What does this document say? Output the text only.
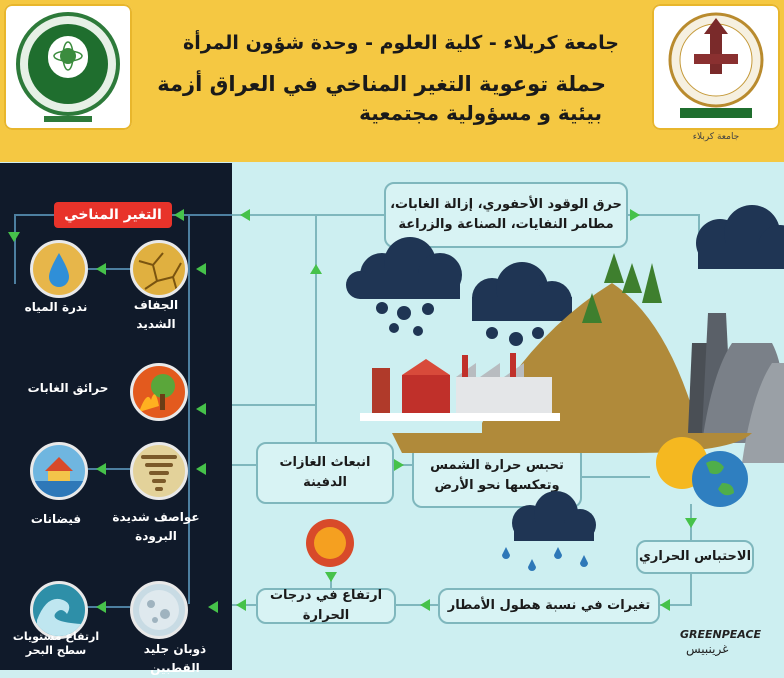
جامعة كربلاء
جامعة كربلاء - كلية العلوم - وحدة شؤون المرأة
حملة توعوية التغير المناخي في العراق أزمة
بيئية و مسؤولية مجتمعية
التغير المناخي
الجفاف الشديد
ندرة المياه
حرائق الغابات
عواصف شديدة البرودة
فيضانات
ذوبان جليد القطبين
ارتفاع مستويات سطح البحر
حرق الوقود الأحفوري، إزالة الغابات، مطامر النفايات، الصناعة والزراعة
انبعاث الغازات الدفينة
تحبس حرارة الشمس وتعكسها نحو الأرض
الاحتباس الحراري
تغيرات في نسبة هطول الأمطار
ارتفاع في درجات الحرارة
GREENPEACE
غرينبيس
